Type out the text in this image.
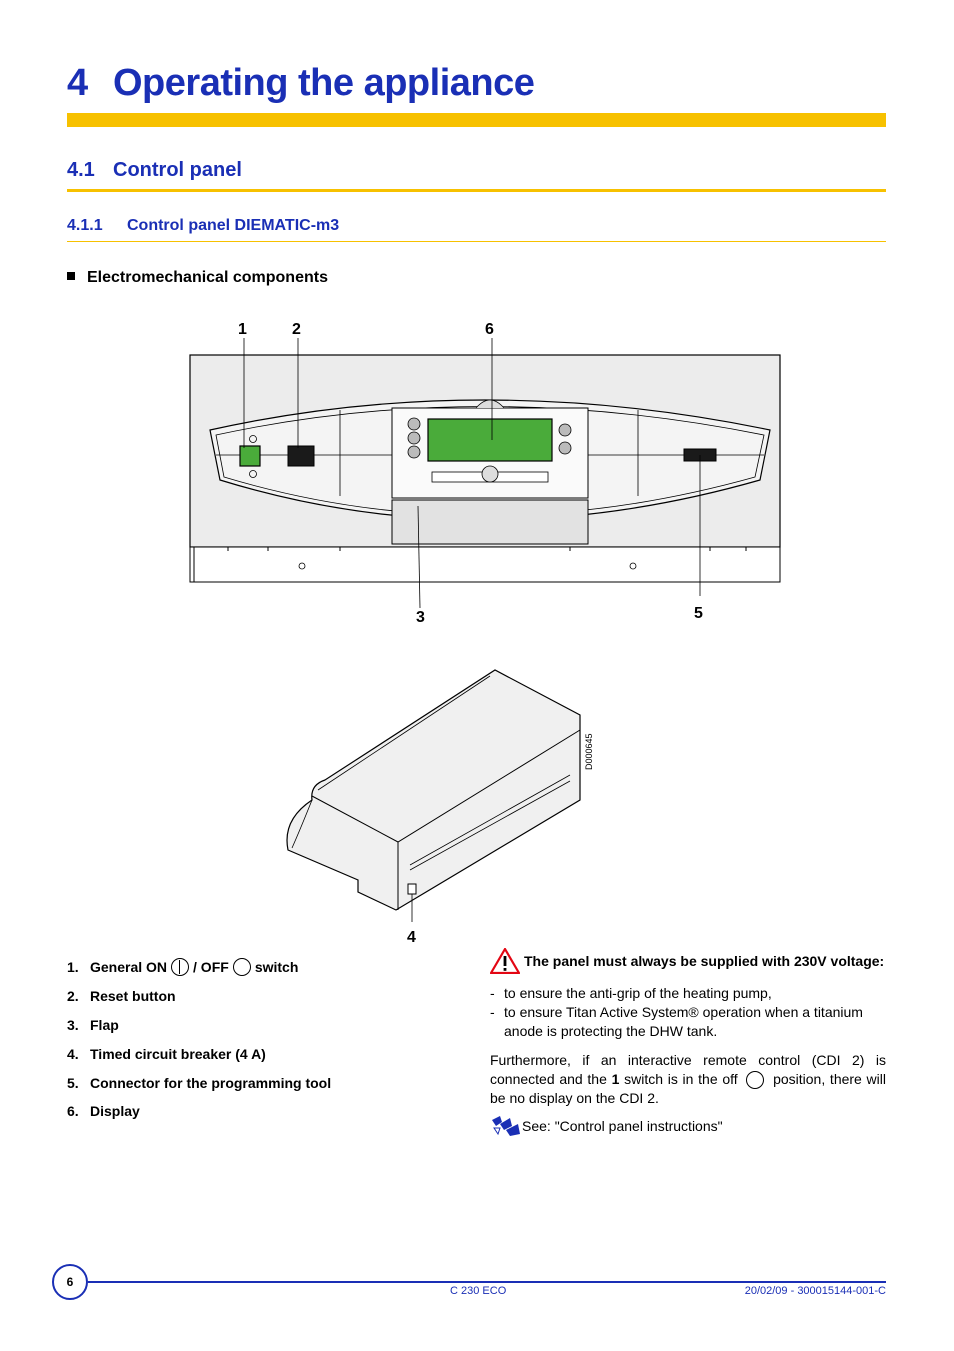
4 Operating the appliance
4.1 Control panel
4.1.1 Control panel DIEMATIC-m3
Electromechanical components
1	2	6
3	5
4
D000645
1. General ON / OFF switch
2. Reset button
3. Flap
4. Timed circuit breaker (4 A)
5. Connector for the programming tool
6. Display
The panel must always be supplied with 230V voltage:
- to ensure the anti-grip of the heating pump,
- to ensure Titan Active System® operation when a titanium anode is protecting the DHW tank.
Furthermore, if an interactive remote control (CDI 2) is connected and the 1 switch is in the off	position, there will be no display on the CDI 2.
See: "Control panel instructions"
6
C 230 ECO	20/02/09 - 300015144-001-C
